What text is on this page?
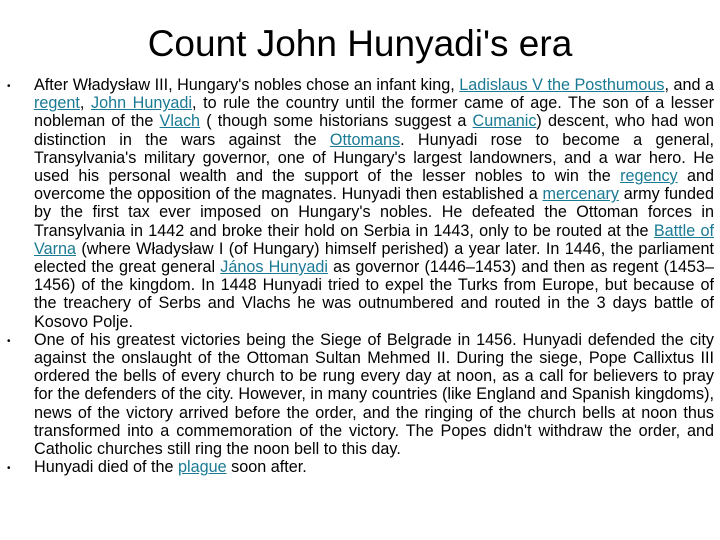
Count John Hunyadi's era
• After Władysław III, Hungary's nobles chose an infant king, Ladislaus V the Posthumous, and a regent, John Hunyadi, to rule the country until the former came of age. The son of a lesser nobleman of the Vlach ( though some historians suggest a Cumanic) descent, who had won distinction in the wars against the Ottomans. Hunyadi rose to become a general, Transylvania's military governor, one of Hungary's largest landowners, and a war hero. He used his personal wealth and the support of the lesser nobles to win the regency and overcome the opposition of the magnates. Hunyadi then established a mercenary army funded by the first tax ever imposed on Hungary's nobles. He defeated the Ottoman forces in Transylvania in 1442 and broke their hold on Serbia in 1443, only to be routed at the Battle of Varna (where Władysław I (of Hungary) himself perished) a year later. In 1446, the parliament elected the great general János Hunyadi as governor (1446–1453) and then as regent (1453–1456) of the kingdom. In 1448 Hunyadi tried to expel the Turks from Europe, but because of the treachery of Serbs and Vlachs he was outnumbered and routed in the 3 days battle of Kosovo Polje.
• One of his greatest victories being the Siege of Belgrade in 1456. Hunyadi defended the city against the onslaught of the Ottoman Sultan Mehmed II. During the siege, Pope Callixtus III ordered the bells of every church to be rung every day at noon, as a call for believers to pray for the defenders of the city. However, in many countries (like England and Spanish kingdoms), news of the victory arrived before the order, and the ringing of the church bells at noon thus transformed into a commemoration of the victory. The Popes didn't withdraw the order, and Catholic churches still ring the noon bell to this day.
• Hunyadi died of the plague soon after.
